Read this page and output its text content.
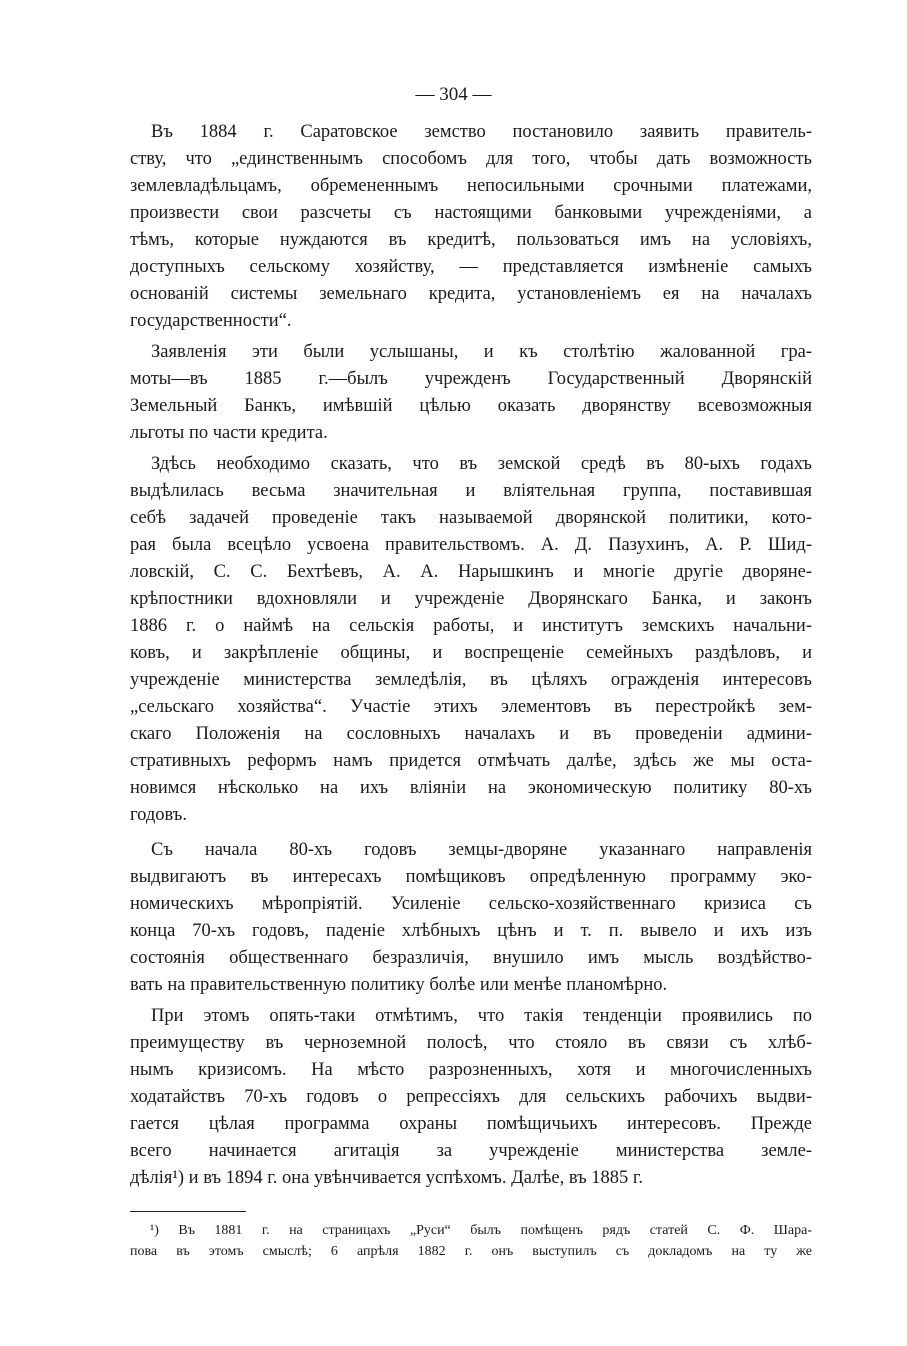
— 304 —
Въ 1884 г. Саратовское земство постановило заявить правитель-
ству, что „единственнымъ способомъ для того, чтобы дать возможность
землевладѣльцамъ, обремененнымъ непосильными срочными платежами,
произвести свои разсчеты съ настоящими банковыми учрежденіями, а
тѣмъ, которые нуждаются въ кредитѣ, пользоваться имъ на условіяхъ,
доступныхъ сельскому хозяйству, — представляется измѣненіе самыхъ
основаній системы земельнаго кредита, установленіемъ ея на началахъ
государственности“.
Заявленія эти были услышаны, и къ столѣтію жалованной гра-
моты—въ 1885 г.—былъ учрежденъ Государственный Дворянскій
Земельный Банкъ, имѣвшій цѣлью оказать дворянству всевозможныя
льготы по части кредита.
Здѣсь необходимо сказать, что въ земской средѣ въ 80-ыхъ годахъ
выдѣлилась весьма значительная и вліятельная группа, поставившая
себѣ задачей проведеніе такъ называемой дворянской политики, кото-
рая была всецѣло усвоена правительствомъ. А. Д. Пазухинъ, А. Р. Шид-
ловскій, С. С. Бехтѣевъ, А. А. Нарышкинъ и многіе другіе дворяне-
крѣпостники вдохновляли и учрежденіе Дворянскаго Банка, и законъ
1886 г. о наймѣ на сельскія работы, и институтъ земскихъ начальни-
ковъ, и закрѣпленіе общины, и воспрещеніе семейныхъ раздѣловъ, и
учрежденіе министерства земледѣлія, въ цѣляхъ огражденія интересовъ
„сельскаго хозяйства“. Участіе этихъ элементовъ въ перестройкѣ зем-
скаго Положенія на сословныхъ началахъ и въ проведеніи админи-
стративныхъ реформъ намъ придется отмѣчать далѣе, здѣсь же мы оста-
новимся нѣсколько на ихъ вліяніи на экономическую политику 80-хъ
годовъ.
Съ начала 80-хъ годовъ земцы-дворяне указаннаго направленія
выдвигаютъ въ интересахъ помѣщиковъ опредѣленную программу эко-
номическихъ мѣропріятій. Усиленіе сельско-хозяйственнаго кризиса съ
конца 70-хъ годовъ, паденіе хлѣбныхъ цѣнъ и т. п. вывело и ихъ изъ
состоянія общественнаго безразличія, внушило имъ мысль воздѣйство-
вать на правительственную политику болѣе или менѣе планомѣрно.
При этомъ опять-таки отмѣтимъ, что такія тенденціи проявились по
преимуществу въ черноземной полосѣ, что стояло въ связи съ хлѣб-
нымъ кризисомъ. На мѣсто разрозненныхъ, хотя и многочисленныхъ
ходатайствъ 70-хъ годовъ о репрессіяхъ для сельскихъ рабочихъ выдви-
гается цѣлая программа охраны помѣщичьихъ интересовъ. Прежде
всего начинается агитація за учрежденіе министерства земле-
дѣлія¹) и въ 1894 г. она увѣнчивается успѣхомъ. Далѣе, въ 1885 г.
¹) Въ 1881 г. на страницахъ „Руси“ былъ помѣщенъ рядъ статей С. Ф. Шара-
пова въ этомъ смыслѣ; 6 апрѣля 1882 г. онъ выступилъ съ докладомъ на ту же
